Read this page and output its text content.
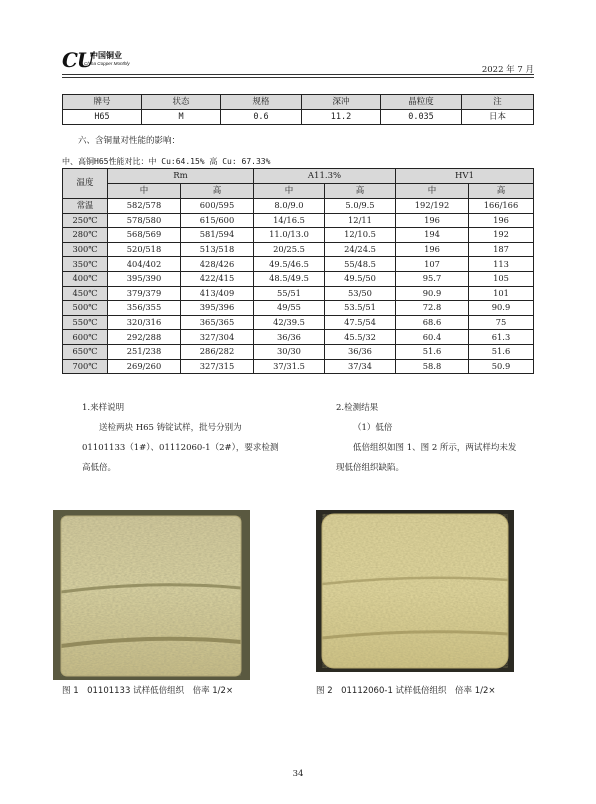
CU
中国铜业
China Copper Monthly
2022 年 7 月
牌号	状态	规格	深冲	晶粒度	注
H65	M	0.6	11.2	0.035	日本
六、含铜量对性能的影响：
中、高铜H65性能对比：中 Cu:64.15% 高 Cu: 67.33%
温度	Rm		A11.3%		HV1	
	中	高	中	高	中	高
常温	582/578	600/595	8.0/9.0	5.0/9.5	192/192	166/166
250℃	578/580	615/600	14/16.5	12/11	196	196
280℃	568/569	581/594	11.0/13.0	12/10.5	194	192
300℃	520/518	513/518	20/25.5	24/24.5	196	187
350℃	404/402	428/426	49.5/46.5	55/48.5	107	113
400℃	395/390	422/415	48.5/49.5	49.5/50	95.7	105
450℃	379/379	413/409	55/51	53/50	90.9	101
500℃	356/355	395/396	49/55	53.5/51	72.8	90.9
550℃	320/316	365/365	42/39.5	47.5/54	68.6	75
600℃	292/288	327/304	36/36	45.5/32	60.4	61.3
650℃	251/238	286/282	30/30	36/36	51.6	51.6
700℃	269/260	327/315	37/31.5	37/34	58.8	50.9

1.来样说明

送检两块 H65 铸锭试样，批号分别为

01101133（1#）、01112060-1（2#），要求检测

高低倍。

2.检测结果

（1）低倍

低倍组织如图 1、图 2 所示，两试样均未发

现低倍组织缺陷。

图 1　01101133 试样低倍组织　倍率 1/2×	图 2　01112060-1 试样低倍组织　倍率 1/2×
34
